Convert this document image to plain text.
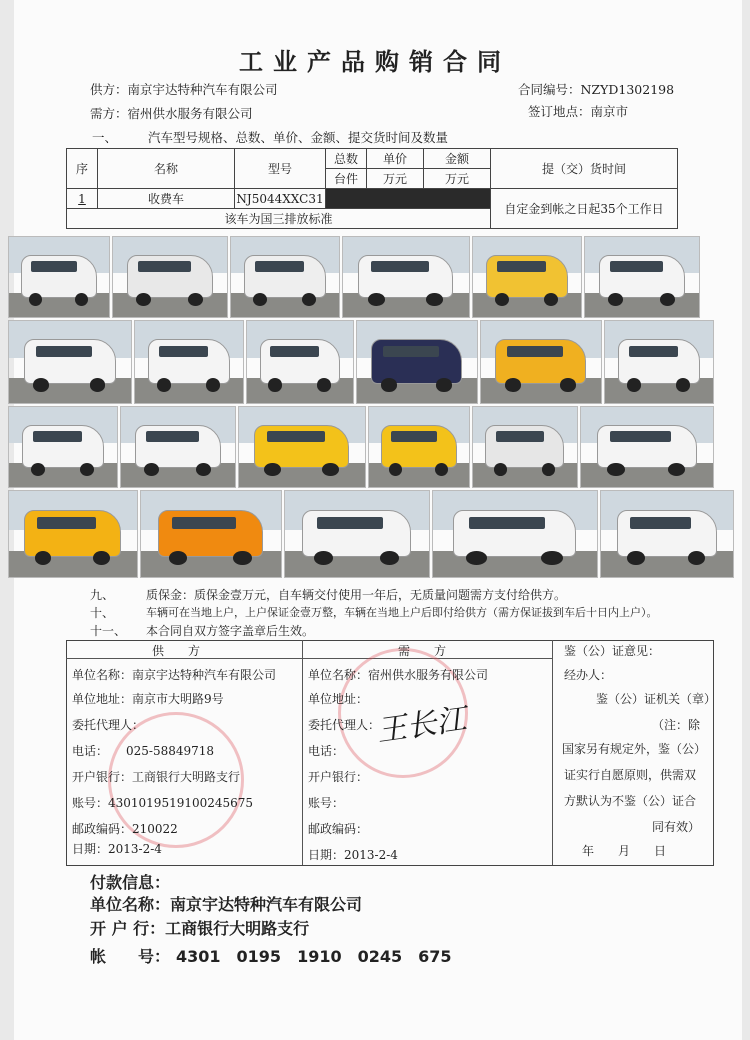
工业产品购销合同
供方：南京宇达特种汽车有限公司
需方：宿州供水服务有限公司
合同编号：NZYD1302198
签订地点：南京市
一、 汽车型号规格、总数、单价、金额、提交货时间及数量
序	名称	型号	总数	单价	金额	提（交）货时间
			台件	万元	万元	
1	收费车	NJ5044XXC31				自定金到帐之日起35个工作日
该车为国三排放标准						
九、	质保金：质保金壹万元，自车辆交付使用一年后，无质量问题需方支付给供方。
十、	车辆可在当地上户，上户保证金壹万整，车辆在当地上户后即付给供方（需方保证拔到车后十日内上户）。
十一、 本合同自双方签字盖章后生效。
供　　方	需　　方	鉴（公）证意见：
单位名称：南京宇达特种汽车有限公司
单位地址：南京市大明路9号
委托代理人：
电话：　　025-58849718
开户银行：工商银行大明路支行
账号：4301019519100245675
邮政编码：210022
日期：2013-2-4
单位名称：宿州供水服务有限公司
单位地址：
委托代理人：
王长江
电话：
开户银行：
账号：
邮政编码：
日期：2013-2-4
经办人：
鉴（公）证机关（章）
（注：除
国家另有规定外，鉴（公）
证实行自愿原则，供需双
方默认为不鉴（公）证合
同有效）
年　　月　　日
付款信息：
单位名称：南京宇达特种汽车有限公司
开 户 行：工商银行大明路支行
帐　　号： 4301　0195　1910　0245　675
